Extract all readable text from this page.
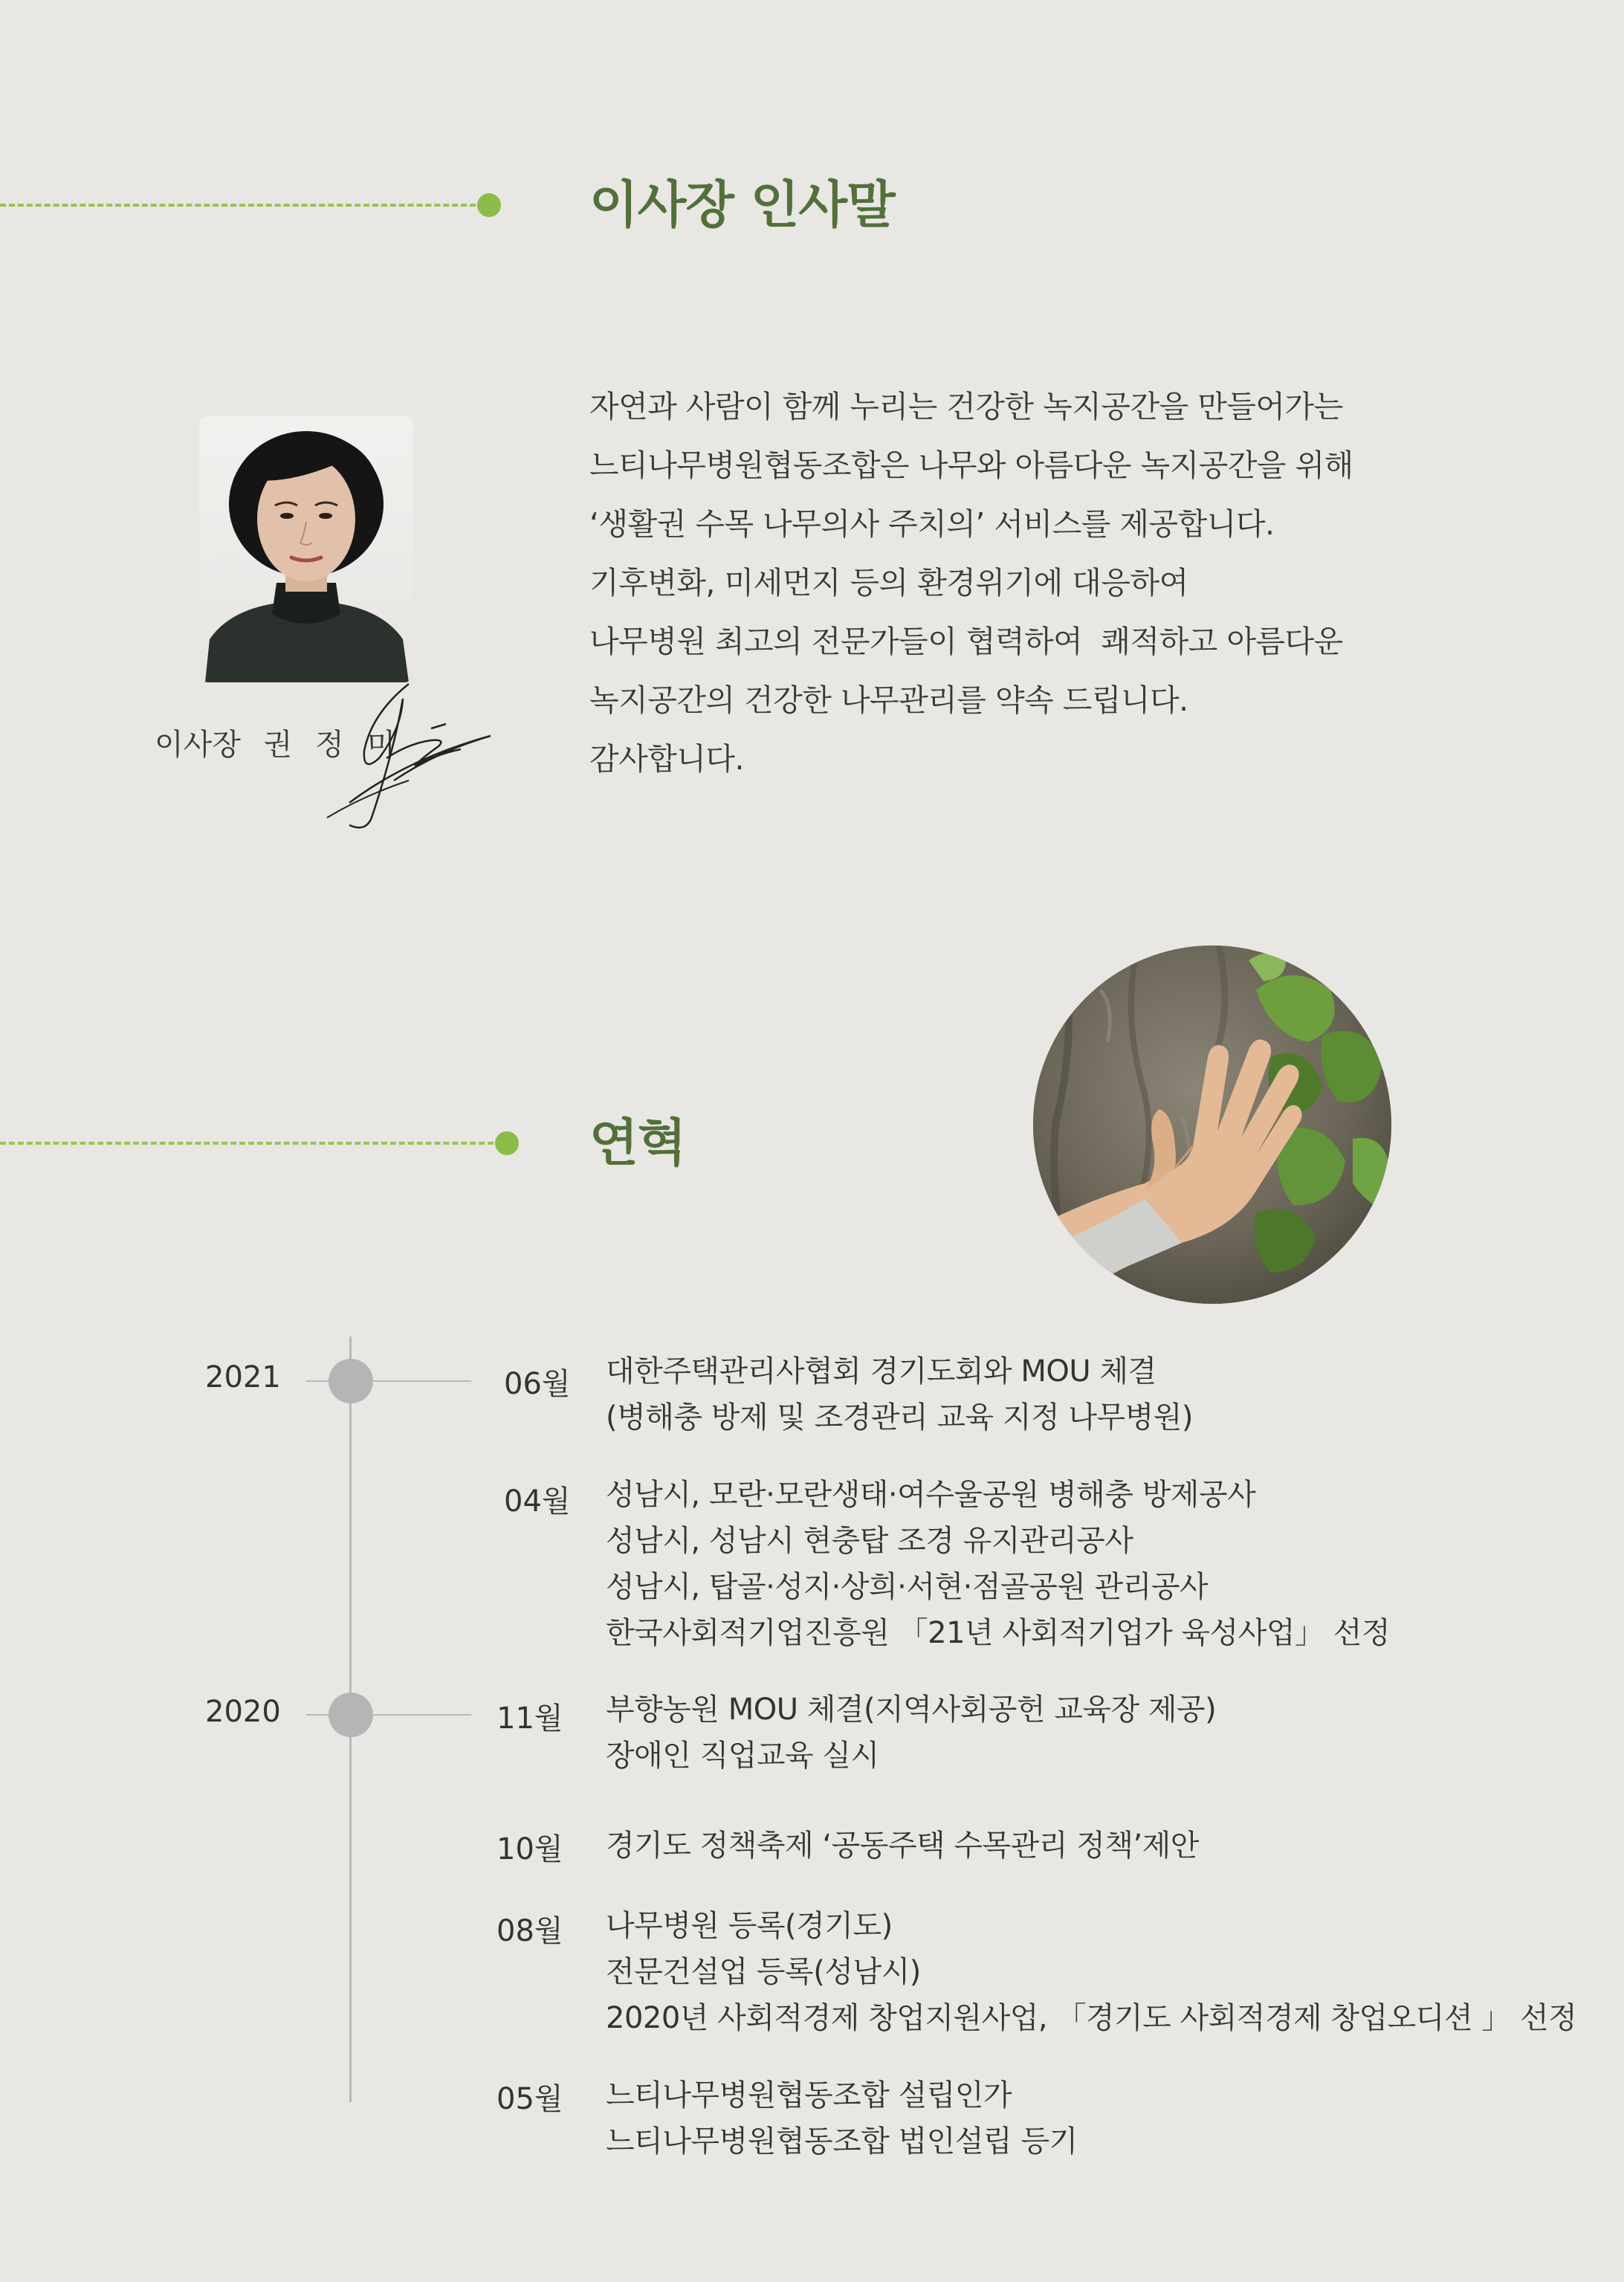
이사장 인사말
이사장 권 정 미
자연과 사람이 함께 누리는 건강한 녹지공간을 만들어가는
느티나무병원협동조합은 나무와 아름다운 녹지공간을 위해
‘생활권 수목 나무의사 주치의’ 서비스를 제공합니다.
기후변화, 미세먼지 등의 환경위기에 대응하여
나무병원 최고의 전문가들이 협력하여  쾌적하고 아름다운
녹지공간의 건강한 나무관리를 약속 드립니다.
감사합니다.
연혁
2021
2020
06월 대한주택관리사협회 경기도회와 MOU 체결
(병해충 방제 및 조경관리 교육 지정 나무병원)
04월 성남시, 모란·모란생태·여수울공원 병해충 방제공사
성남시, 성남시 현충탑 조경 유지관리공사
성남시, 탑골·성지·상희·서현·점골공원 관리공사
한국사회적기업진흥원 「21년 사회적기업가 육성사업」 선정
11월 부향농원 MOU 체결(지역사회공헌 교육장 제공)
장애인 직업교육 실시
10월 경기도 정책축제 ‘공동주택 수목관리 정책’제안
08월 나무병원 등록(경기도)
전문건설업 등록(성남시)
2020년 사회적경제 창업지원사업, 「경기도 사회적경제 창업오디션 」 선정
05월 느티나무병원협동조합 설립인가
느티나무병원협동조합 법인설립 등기
